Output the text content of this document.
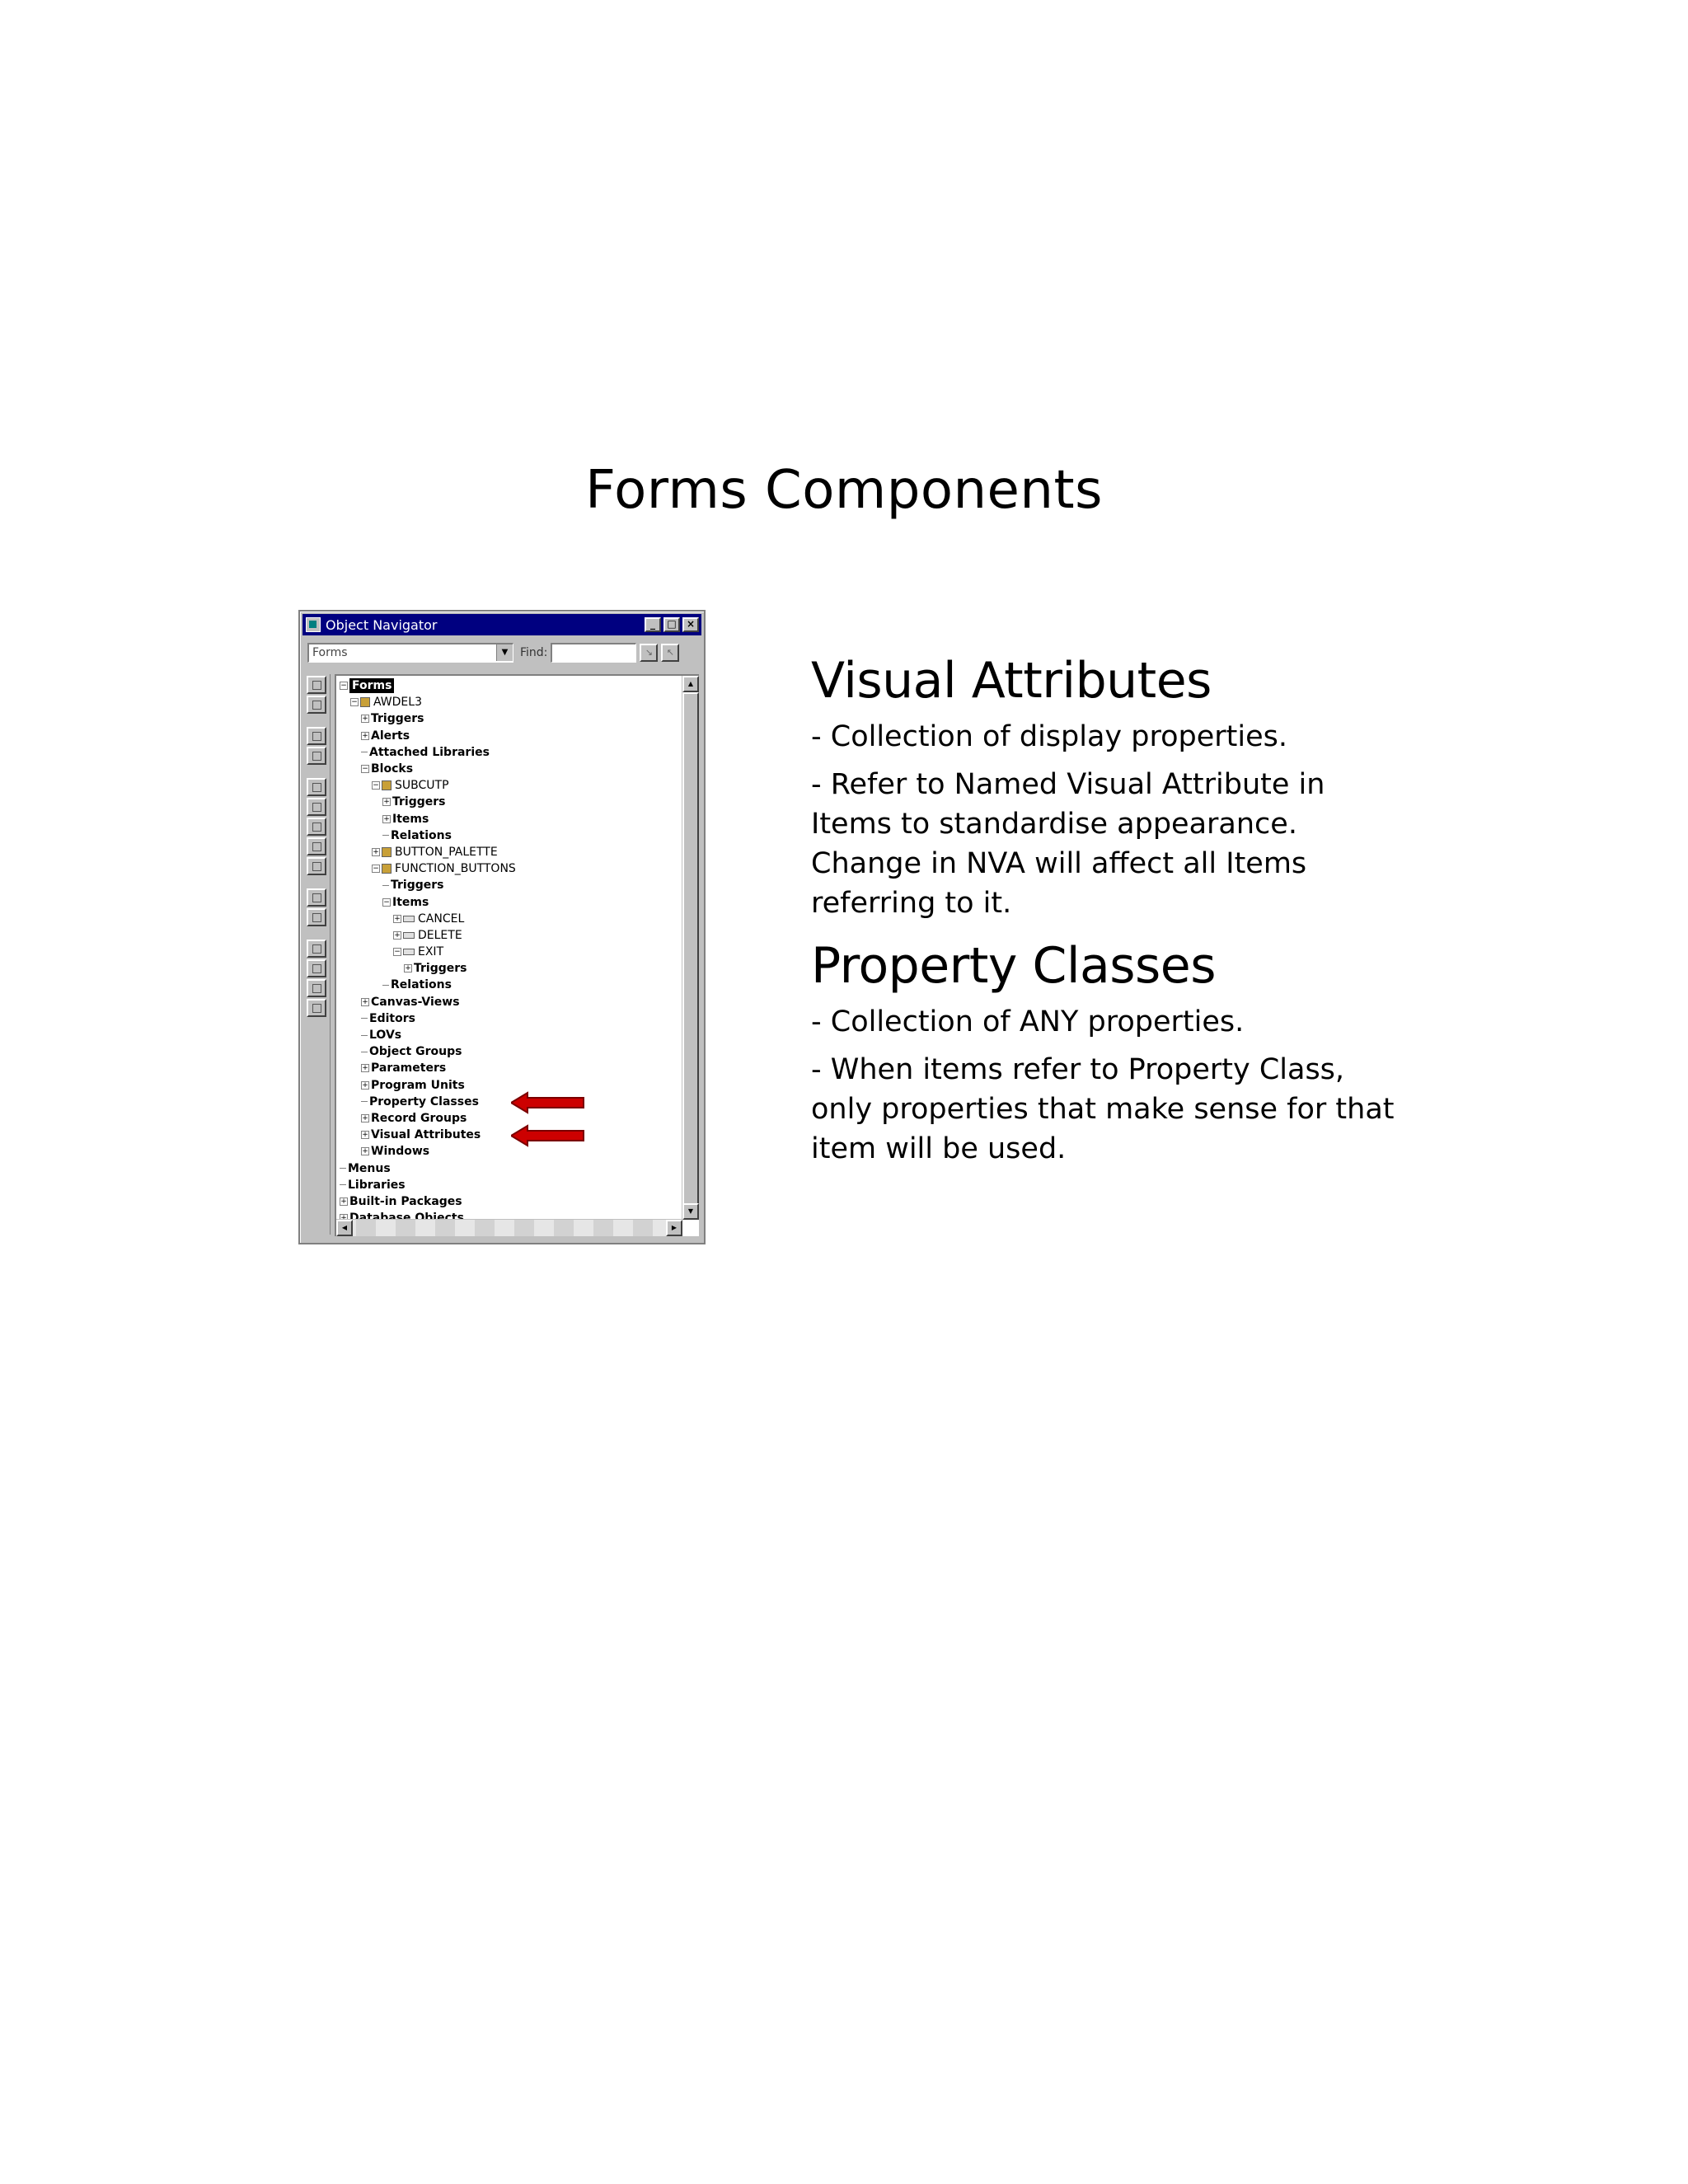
Forms Components
Object Navigator	_	□	×
Forms	▼	Find:	↘	↖
− Forms
− AWDEL3
+ Triggers
+ Alerts
Attached Libraries
− Blocks
− SUBCUTP
+ Triggers
+ Items
Relations
+ BUTTON_PALETTE
− FUNCTION_BUTTONS
Triggers
− Items
+ CANCEL
+ DELETE
− EXIT
+ Triggers
Relations
+ Canvas-Views
Editors
LOVs
Object Groups
+ Parameters
+ Program Units
Property Classes
+ Record Groups
+ Visual Attributes
+ Windows
Menus
Libraries
+ Built-in Packages
▲
▼
◀	▶
Visual Attributes

- Collection of display properties.

- Refer to Named Visual Attribute in Items to standardise appearance. Change in NVA will affect all Items referring to it.

Property Classes

- Collection of ANY properties.

- When items refer to Property Class, only properties that make sense for that item will be used.
